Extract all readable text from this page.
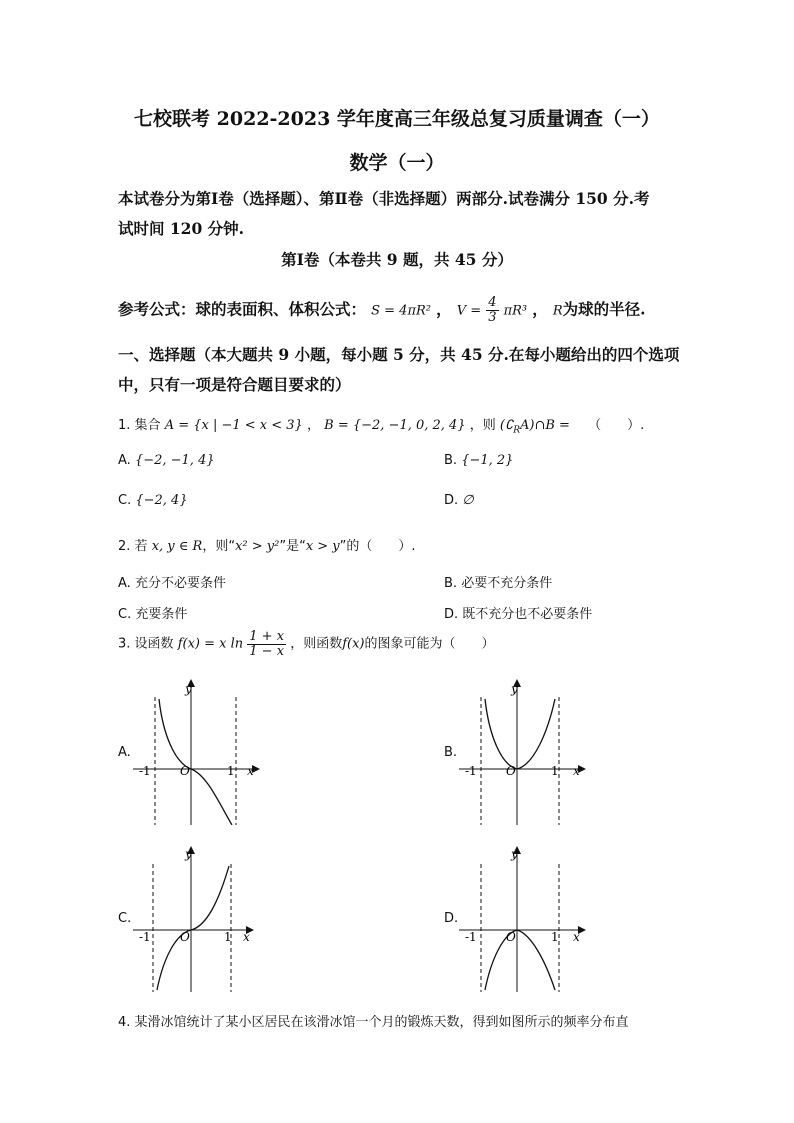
七校联考 2022-2023 学年度高三年级总复习质量调查（一）
数学（一）
本试卷分为第Ⅰ卷（选择题）、第Ⅱ卷（非选择题）两部分.试卷满分 150 分.考
试时间 120 分钟.
第Ⅰ卷（本卷共 9 题，共 45 分）
参考公式：球的表面积、体积公式： S = 4πR² ， $V = \frac{4}{3} \pi R^3$ ， R为球的半径.
一、选择题（本大题共 9 小题，每小题 5 分，共 45 分.在每小题给出的四个选项
中，只有一项是符合题目要求的）
1. 集合 A = {x | −1 < x < 3} ， B = {−2, −1, 0, 2, 4} ，则 $(∁_RA)\cap B$ = （　　）.
A. {−2, −1, 4}	B. {−1, 2}
C. {−2, 4}	D. ∅
2. 若 x, y ∈ R，则“x² > y²”是“x > y”的（　　）.
A. 充分不必要条件	B. 必要不充分条件
C. 充要条件	D. 既不充分也不必要条件
3. 设函数 f(x) = x $\ln \frac{1 + x}{1 - x}$ ，则函数f(x)的图象可能为（　　）
A.	B.
C.	D.
y
x
O
-1	1
y
x
O
-1	1
y
x
O
-1	1
y
x
O
-1	1
4. 某滑冰馆统计了某小区居民在该滑冰馆一个月的锻炼天数，得到如图所示的频率分布直
